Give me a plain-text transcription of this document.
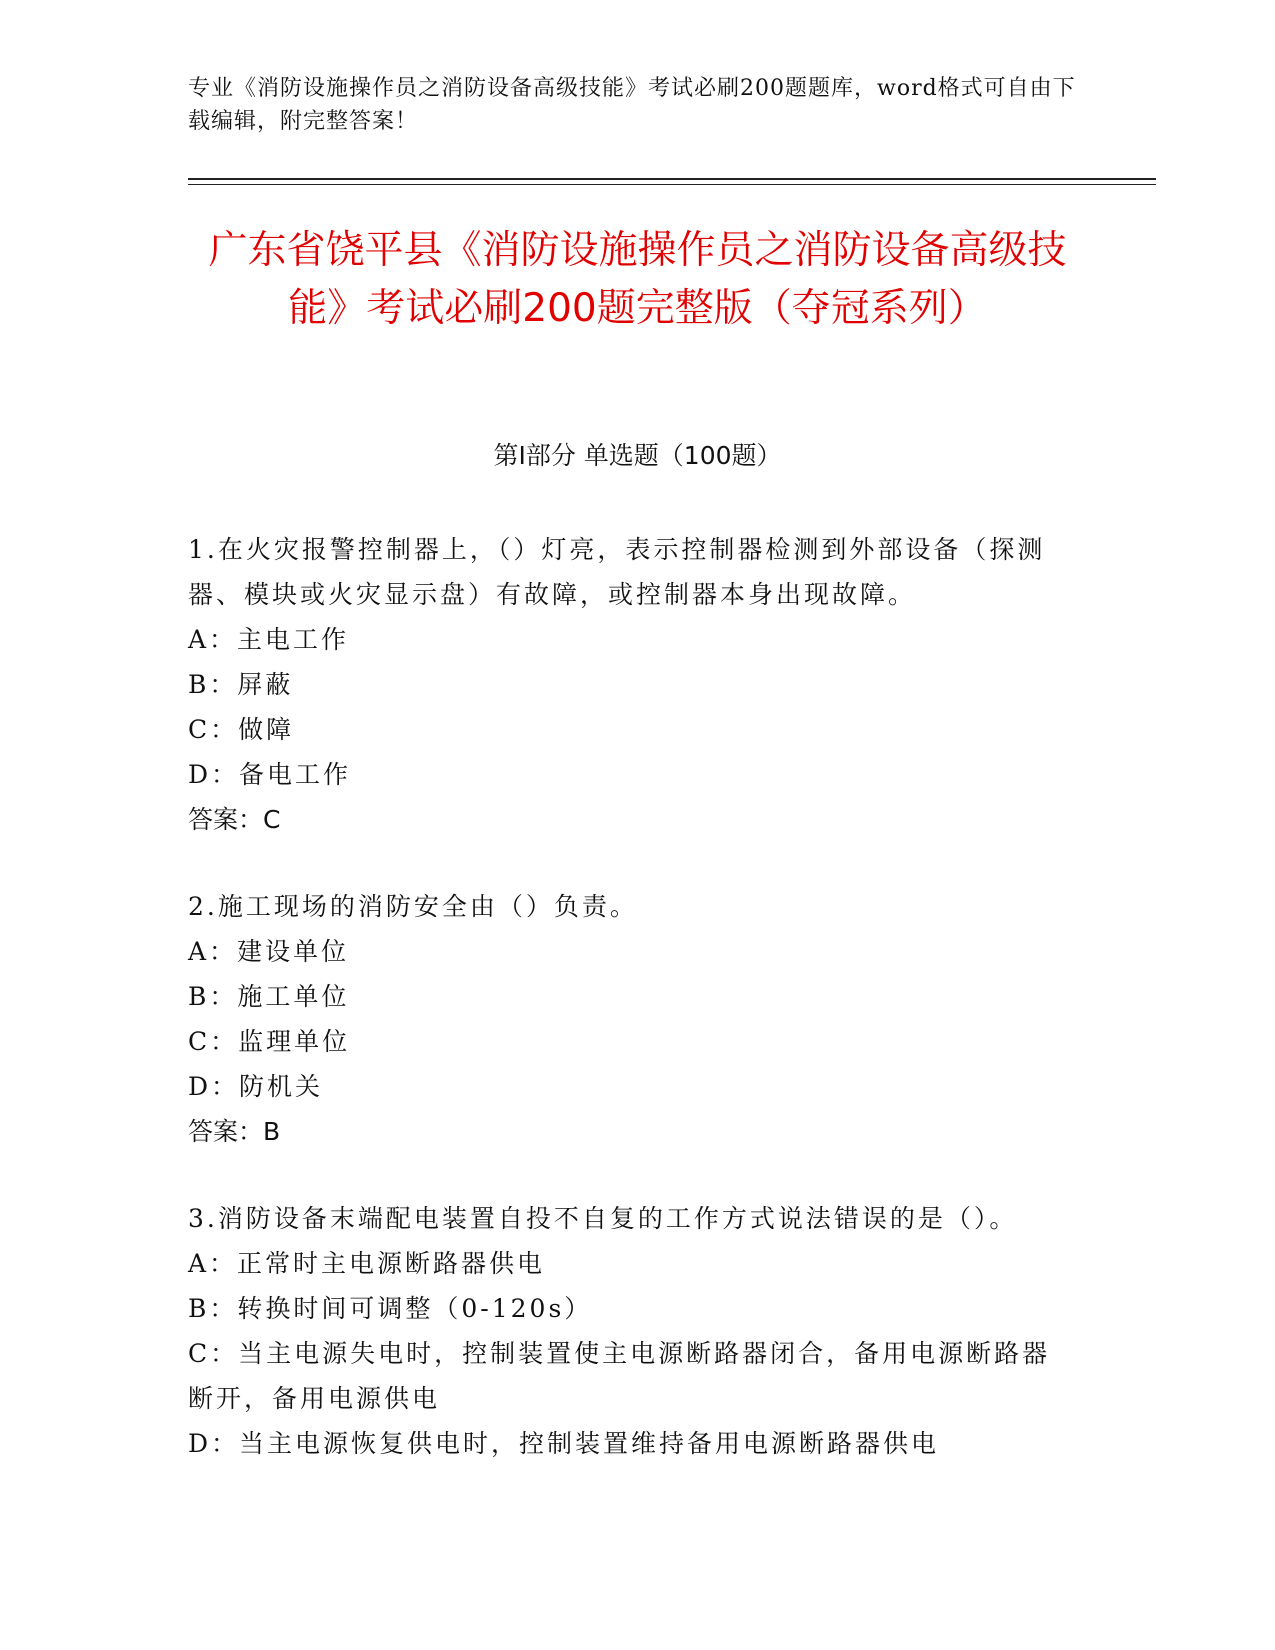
专业《消防设施操作员之消防设备高级技能》考试必刷200题题库，word格式可自由下载编辑，附完整答案！
广东省饶平县《消防设施操作员之消防设备高级技能》考试必刷200题完整版（夺冠系列）
第I部分 单选题（100题）
1.在火灾报警控制器上，（）灯亮，表示控制器检测到外部设备（探测器、模块或火灾显示盘）有故障，或控制器本身出现故障。
A：主电工作
B：屏蔽
C：做障
D：备电工作
答案：C
2.施工现场的消防安全由（）负责。
A：建设单位
B：施工单位
C：监理单位
D：防机关
答案：B
3.消防设备末端配电装置自投不自复的工作方式说法错误的是（）。
A：正常时主电源断路器供电
B：转换时间可调整（0-120s）
C：当主电源失电时，控制装置使主电源断路器闭合，备用电源断路器断开，备用电源供电
D：当主电源恢复供电时，控制装置维持备用电源断路器供电
